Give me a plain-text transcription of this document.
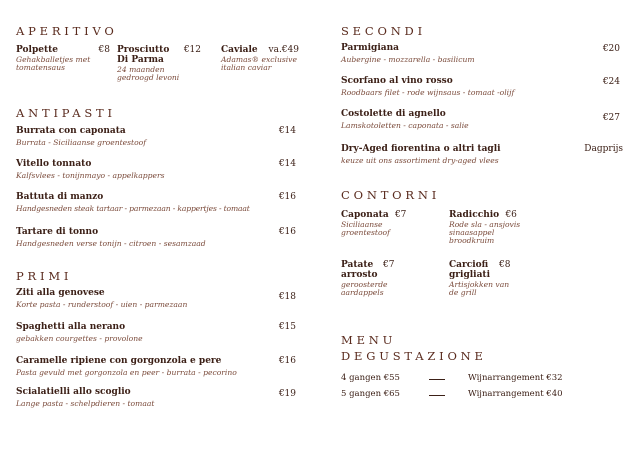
APERITIVO
Polpette	€8
Gehakballetjes met tomatensaus
Prosciutto Di Parma
€12
24 maanden gedroogd levoni
Caviale	va.€49
Adamas® exclusive italian caviar
ANTIPASTI
Burrata con caponata	€14
Burrata - Siciliaanse groentestoof
Vitello tonnato	€14
Kalfsvlees - tonijnmayo - appelkappers
Battuta di manzo	€16
Handgesneden steak tartaar - parmezaan - kappertjes - tomaat
Tartare di tonno	€16
Handgesneden verse tonijn - citroen - sesamzaad
PRIMI
Ziti alla genovese	€18
Korte pasta - runderstoof - uien - parmezaan
Spaghetti alla nerano	€15
gebakken courgettes - provolone
Caramelle ripiene con gorgonzola e pere	€16
Pasta gevuld met gorgonzola en peer - burrata - pecorino
Scialatielli allo scoglio	€19
Lange pasta - schelpdieren - tomaat
SECONDI
Parmigiana	€20
Aubergine - mozzarella - basilicum
Scorfano al vino rosso	€24
Roodbaars filet - rode wijnsaus - tomaat -olijf
Costolette di agnello	€27
Lamskotoletten - caponata - salie
Dry-Aged fiorentina o altri tagli	Dagprijs
keuze uit ons assortiment dry-aged vlees
CONTORNI
Caponata €7
Siciliaanse groentestoof
Radicchio €6
Rode sla - ansjovis sinaasappel broodkruim
Patate arrosto
€7
geroosterde aardappels
Carciofi grigliati
€8
Artisjokken van de grill
MENU
DEGUSTAZIONE
4 gangen €55	Wijnarrangement €32
5 gangen €65	Wijnarrangement €40
